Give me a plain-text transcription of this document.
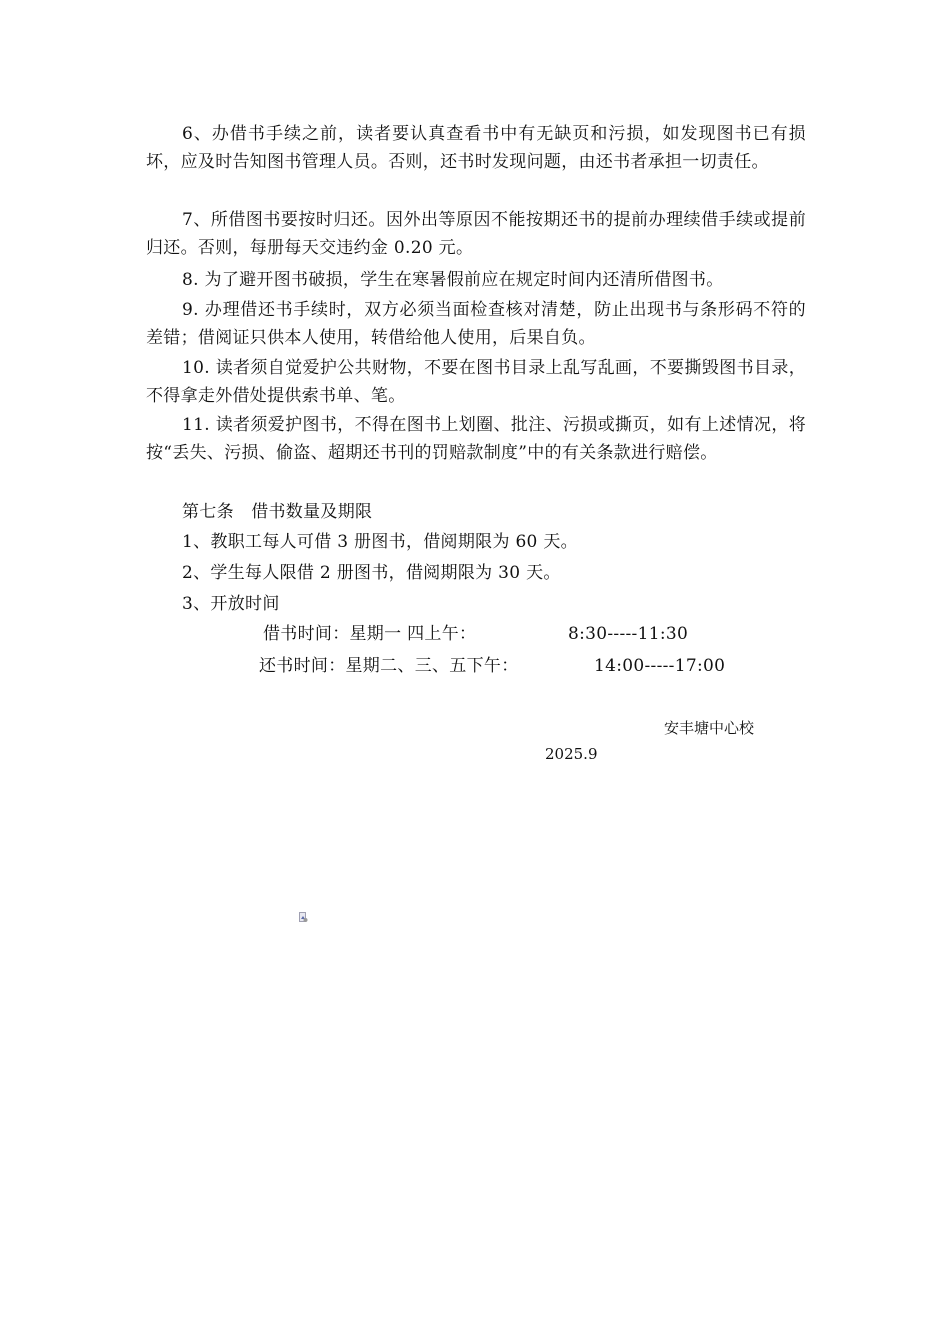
6、办借书手续之前，读者要认真查看书中有无缺页和污损，如发现图书已有损坏，应及时告知图书管理人员。否则，还书时发现问题，由还书者承担一切责任。

7、所借图书要按时归还。因外出等原因不能按期还书的提前办理续借手续或提前归还。否则，每册每天交违约金 0.20 元。

8. 为了避开图书破损，学生在寒暑假前应在规定时间内还清所借图书。

9. 办理借还书手续时，双方必须当面检查核对清楚，防止出现书与条形码不符的差错；借阅证只供本人使用，转借给他人使用，后果自负。

10. 读者须自觉爱护公共财物，不要在图书目录上乱写乱画，不要撕毁图书目录，不得拿走外借处提供索书单、笔。

11. 读者须爱护图书，不得在图书上划圈、批注、污损或撕页，如有上述情况，将按“丢失、污损、偷盗、超期还书刊的罚赔款制度”中的有关条款进行赔偿。

第七条　借书数量及期限
1、教职工每人可借 3 册图书，借阅期限为 60 天。
2、学生每人限借 2 册图书，借阅期限为 30 天。
3、开放时间
借书时间：星期一 四上午：	8:30-----11:30
还书时间：星期二、三、五下午：	14:00-----17:00
安丰塘中心校
2025.9
